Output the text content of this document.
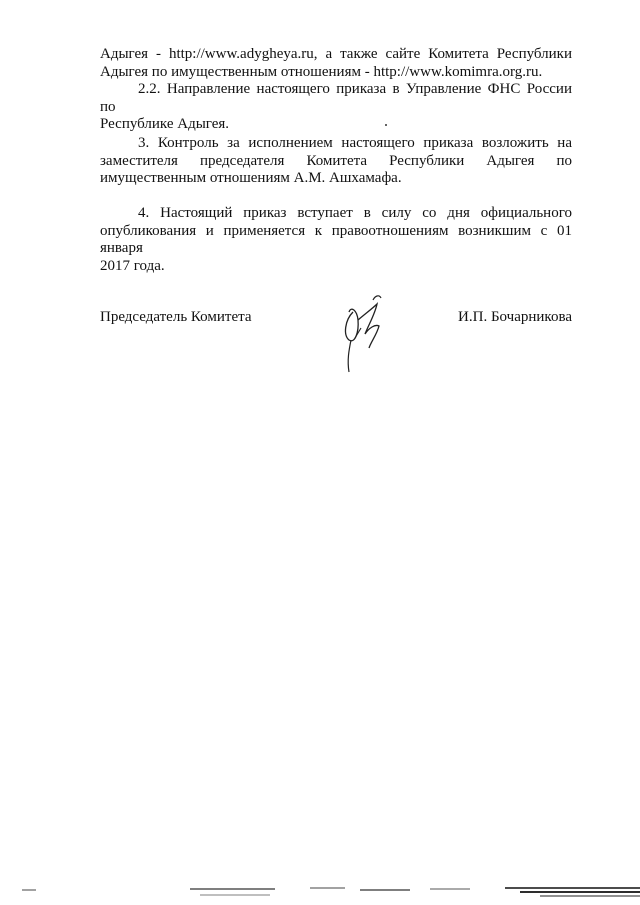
Адыгея - http://www.adygheya.ru, а также сайте Комитета Республики
Адыгея по имущественным отношениям - http://www.komimra.org.ru.
2.2. Направление настоящего приказа в Управление ФНС России по
Республике Адыгея.
3. Контроль за исполнением настоящего приказа возложить на
заместителя председателя Комитета Республики Адыгея по
имущественным отношениям А.М. Ашхамафа.
4. Настоящий приказ вступает в силу со дня официального
опубликования и применяется к правоотношениям возникшим с 01 января
2017 года.
Председатель Комитета	И.П. Бочарникова
